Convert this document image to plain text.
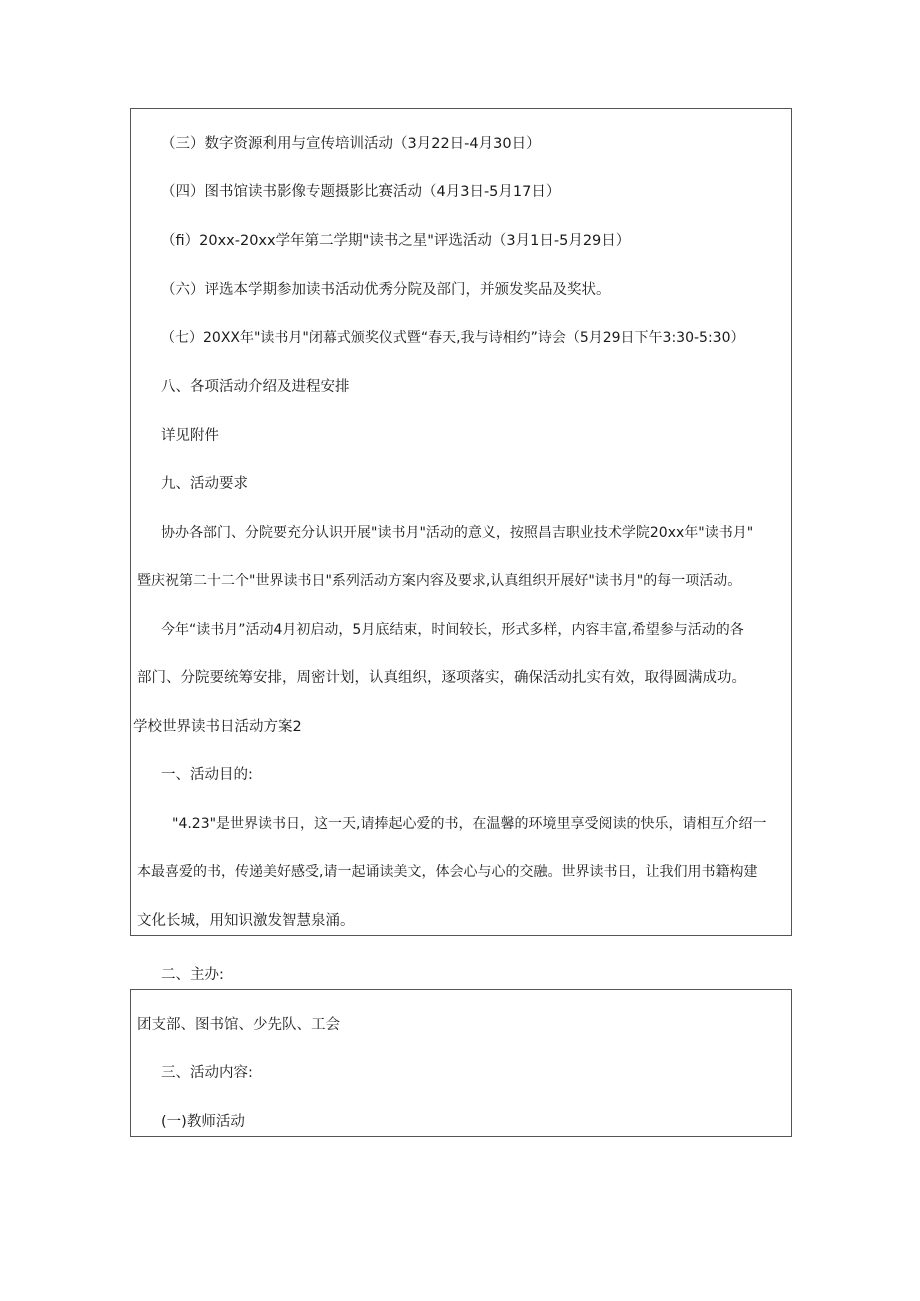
（三）数字资源利用与宣传培训活动（3月22日-4月30日）
（四）图书馆读书影像专题摄影比赛活动（4月3日-5月17日）
（fi）20xx-20xx学年第二学期"读书之星"评选活动（3月1日-5月29日）
（六）评选本学期参加读书活动优秀分院及部门，并颁发奖品及奖状。
（七）20XX年"读书月"闭幕式颁奖仪式暨“春天,我与诗相约”诗会（5月29日下午3:30-5:30）
八、各项活动介绍及进程安排
详见附件
九、活动要求
协办各部门、分院要充分认识开展"读书月"活动的意义，按照昌吉职业技术学院20xx年"读书月"
暨庆祝第二十二个"世界读书日"系列活动方案内容及要求,认真组织开展好"读书月"的每一项活动。
今年“读书月”活动4月初启动，5月底结束，时间较长，形式多样，内容丰富,希望参与活动的各
部门、分院要统筹安排，周密计划，认真组织，逐项落实，确保活动扎实有效，取得圆满成功。
学校世界读书日活动方案2
一、活动目的:
"4.23"是世界读书日，这一天,请捧起心爱的书，在温馨的环境里享受阅读的快乐，请相互介绍一
本最喜爱的书，传递美好感受,请一起诵读美文，体会心与心的交融。世界读书日，让我们用书籍构建
文化长城，用知识激发智慧泉涌。
二、主办:
团支部、图书馆、少先队、工会
三、活动内容:
(一)教师活动
